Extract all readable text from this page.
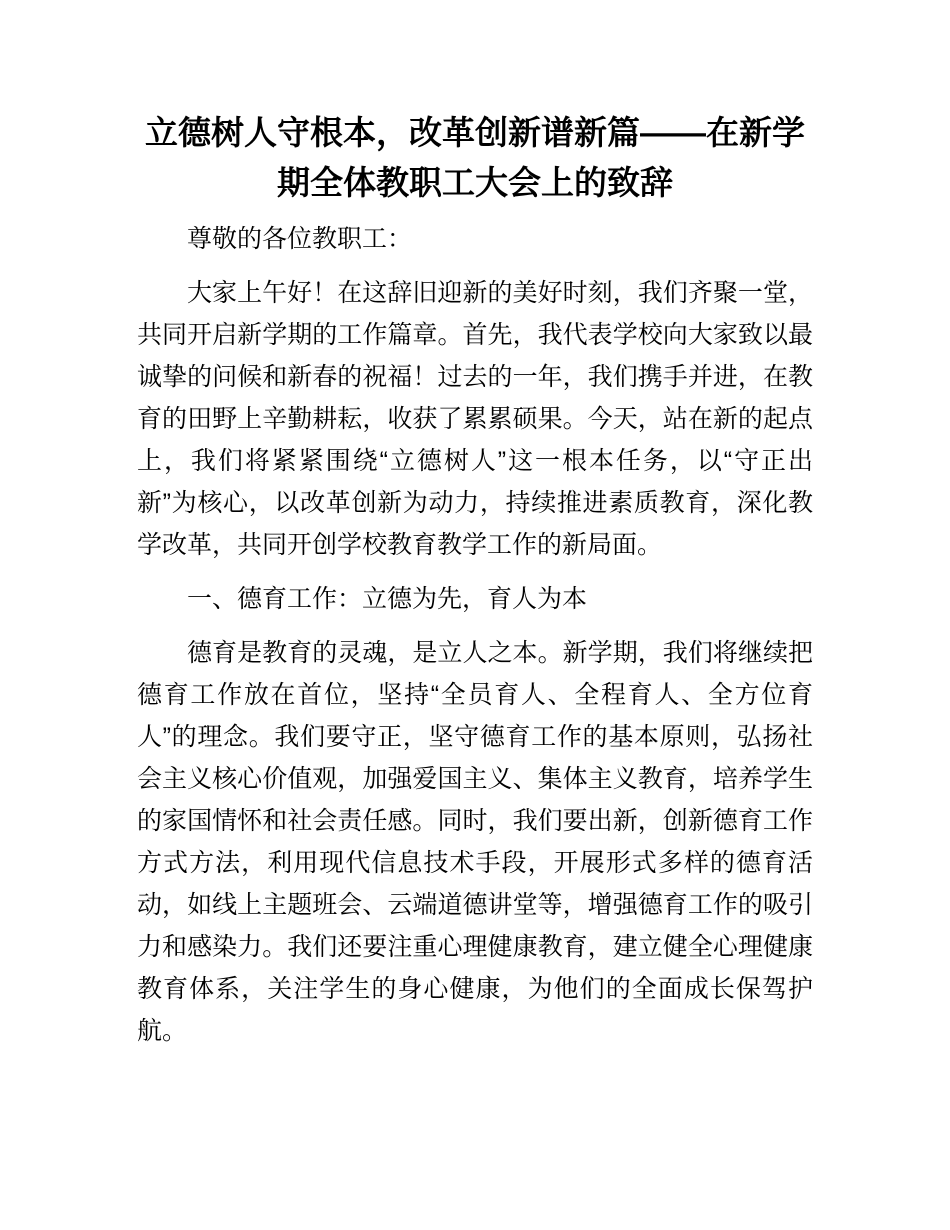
立德树人守根本，改革创新谱新篇——在新学期全体教职工大会上的致辞

尊敬的各位教职工：

大家上午好！在这辞旧迎新的美好时刻，我们齐聚一堂，共同开启新学期的工作篇章。首先，我代表学校向大家致以最诚挚的问候和新春的祝福！过去的一年，我们携手并进，在教育的田野上辛勤耕耘，收获了累累硕果。今天，站在新的起点上，我们将紧紧围绕“立德树人”这一根本任务，以“守正出新”为核心，以改革创新为动力，持续推进素质教育，深化教学改革，共同开创学校教育教学工作的新局面。

一、德育工作：立德为先，育人为本

德育是教育的灵魂，是立人之本。新学期，我们将继续把德育工作放在首位，坚持“全员育人、全程育人、全方位育人”的理念。我们要守正，坚守德育工作的基本原则，弘扬社会主义核心价值观，加强爱国主义、集体主义教育，培养学生的家国情怀和社会责任感。同时，我们要出新，创新德育工作方式方法，利用现代信息技术手段，开展形式多样的德育活动，如线上主题班会、云端道德讲堂等，增强德育工作的吸引力和感染力。我们还要注重心理健康教育，建立健全心理健康教育体系，关注学生的身心健康，为他们的全面成长保驾护航。
